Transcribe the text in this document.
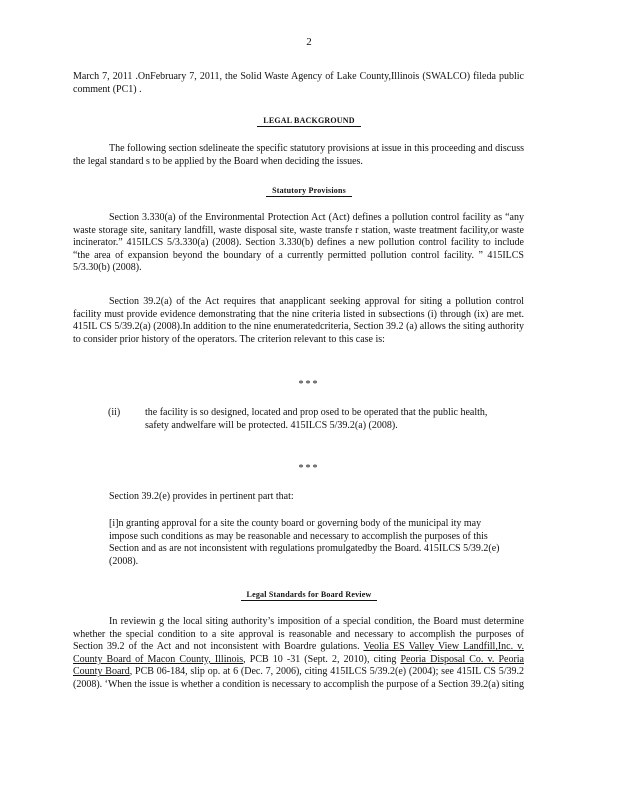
2

March 7, 2011 .OnFebruary 7, 2011, the Solid Waste Agency of Lake County,Illinois (SWALCO) fileda public comment (PC1) .

LEGAL BACKGROUND

The following section sdelineate the specific statutory provisions at issue in this proceeding and discuss the legal standard s to be applied by the Board when deciding the issues.

Statutory Provisions

Section 3.330(a) of the Environmental Protection Act (Act) defines a pollution control facility as “any waste storage site, sanitary landfill, waste disposal site, waste transfe r station, waste treatment facility,or waste incinerator.” 415ILCS 5/3.330(a) (2008). Section 3.330(b) defines a new pollution control facility to include “the area of expansion beyond the boundary of a currently permitted pollution control facility. ” 415ILCS 5/3.30(b) (2008).

Section 39.2(a) of the Act requires that anapplicant seeking approval for siting a pollution control facility must provide evidence demonstrating that the nine criteria listed in subsections (i) through (ix) are met. 415IL CS 5/39.2(a) (2008).In addition to the nine enumeratedcriteria, Section 39.2 (a) allows the siting authority to consider prior history of the operators. The criterion relevant to this case is:

***
(ii) the facility is so designed, located and prop osed to be operated that the public health, safety andwelfare will be protected. 415ILCS 5/39.2(a) (2008).

***

Section 39.2(e) provides in pertinent part that:

[i]n granting approval for a site the county board or governing body of the municipal ity may impose such conditions as may be reasonable and necessary to accomplish the purposes of this Section and as are not inconsistent with regulations promulgatedby the Board. 415ILCS 5/39.2(e) (2008).

Legal Standards for Board Review

In reviewin g the local siting authority’s imposition of a special condition, the Board must determine whether the special condition to a site approval is reasonable and necessary to accomplish the purposes of Section 39.2 of the Act and not inconsistent with Boardre gulations. Veolia ES Valley View Landfill,Inc. v. County Board of Macon County, Illinois, PCB 10 -31 (Sept. 2, 2010), citing Peoria Disposal Co. v. Peoria County Board, PCB 06-184, slip op. at 6 (Dec. 7, 2006), citing 415ILCS 5/39.2(e) (2004); see 415IL CS 5/39.2 (2008). ‘When the issue is whether a condition is necessary to accomplish the purpose of a Section 39.2(a) siting
